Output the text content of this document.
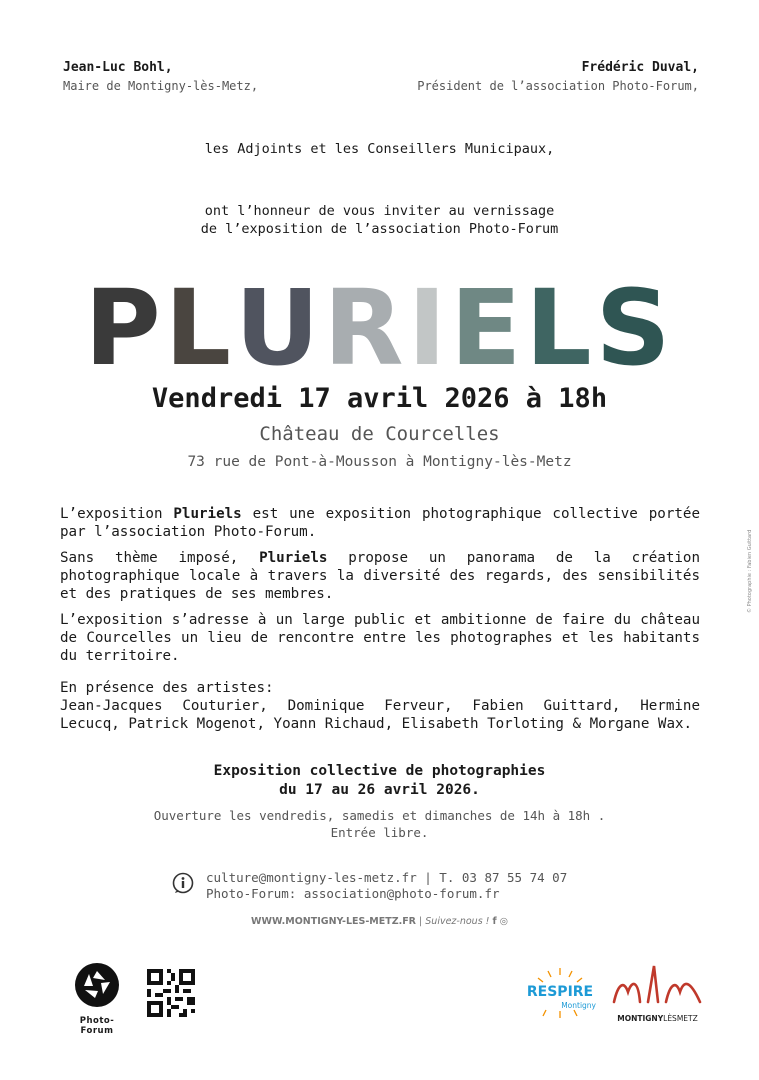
Jean-Luc Bohl,
Maire de Montigny-lès-Metz,
Frédéric Duval,
Président de l’association Photo-Forum,
les Adjoints et les Conseillers Municipaux,
ont l’honneur de vous inviter au vernissage
de l’exposition de l’association Photo-Forum
PLURIELS
Vendredi 17 avril 2026 à 18h
Château de Courcelles
73 rue de Pont-à-Mousson à Montigny-lès-Metz

L’exposition Pluriels est une exposition photographique collective portée par l’association Photo-Forum.

Sans thème imposé, Pluriels propose un panorama de la création photographique locale à travers la diversité des regards, des sensibilités et des pratiques de ses membres.

L’exposition s’adresse à un large public et ambitionne de faire du château de Courcelles un lieu de rencontre entre les photographes et les habitants du territoire.

En présence des artistes:
Jean-Jacques Couturier, Dominique Ferveur, Fabien Guittard, Hermine Lecucq, Patrick Mogenot, Yoann Richaud, Elisabeth Torloting & Morgane Wax.
Exposition collective de photographies
du 17 au 26 avril 2026.
Ouverture les vendredis, samedis et dimanches de 14h à 18h .
Entrée libre.
culture@montigny-les-metz.fr | T. 03 87 55 74 07
Photo-Forum: association@photo-forum.fr
WWW.MONTIGNY-LES-METZ.FR | Suivez-nous ! f ◎
© Photographie : Fabien Guittard
Photo-Forum
RESPIRE
Montigny
MONTIGNYLÈSMETZ
